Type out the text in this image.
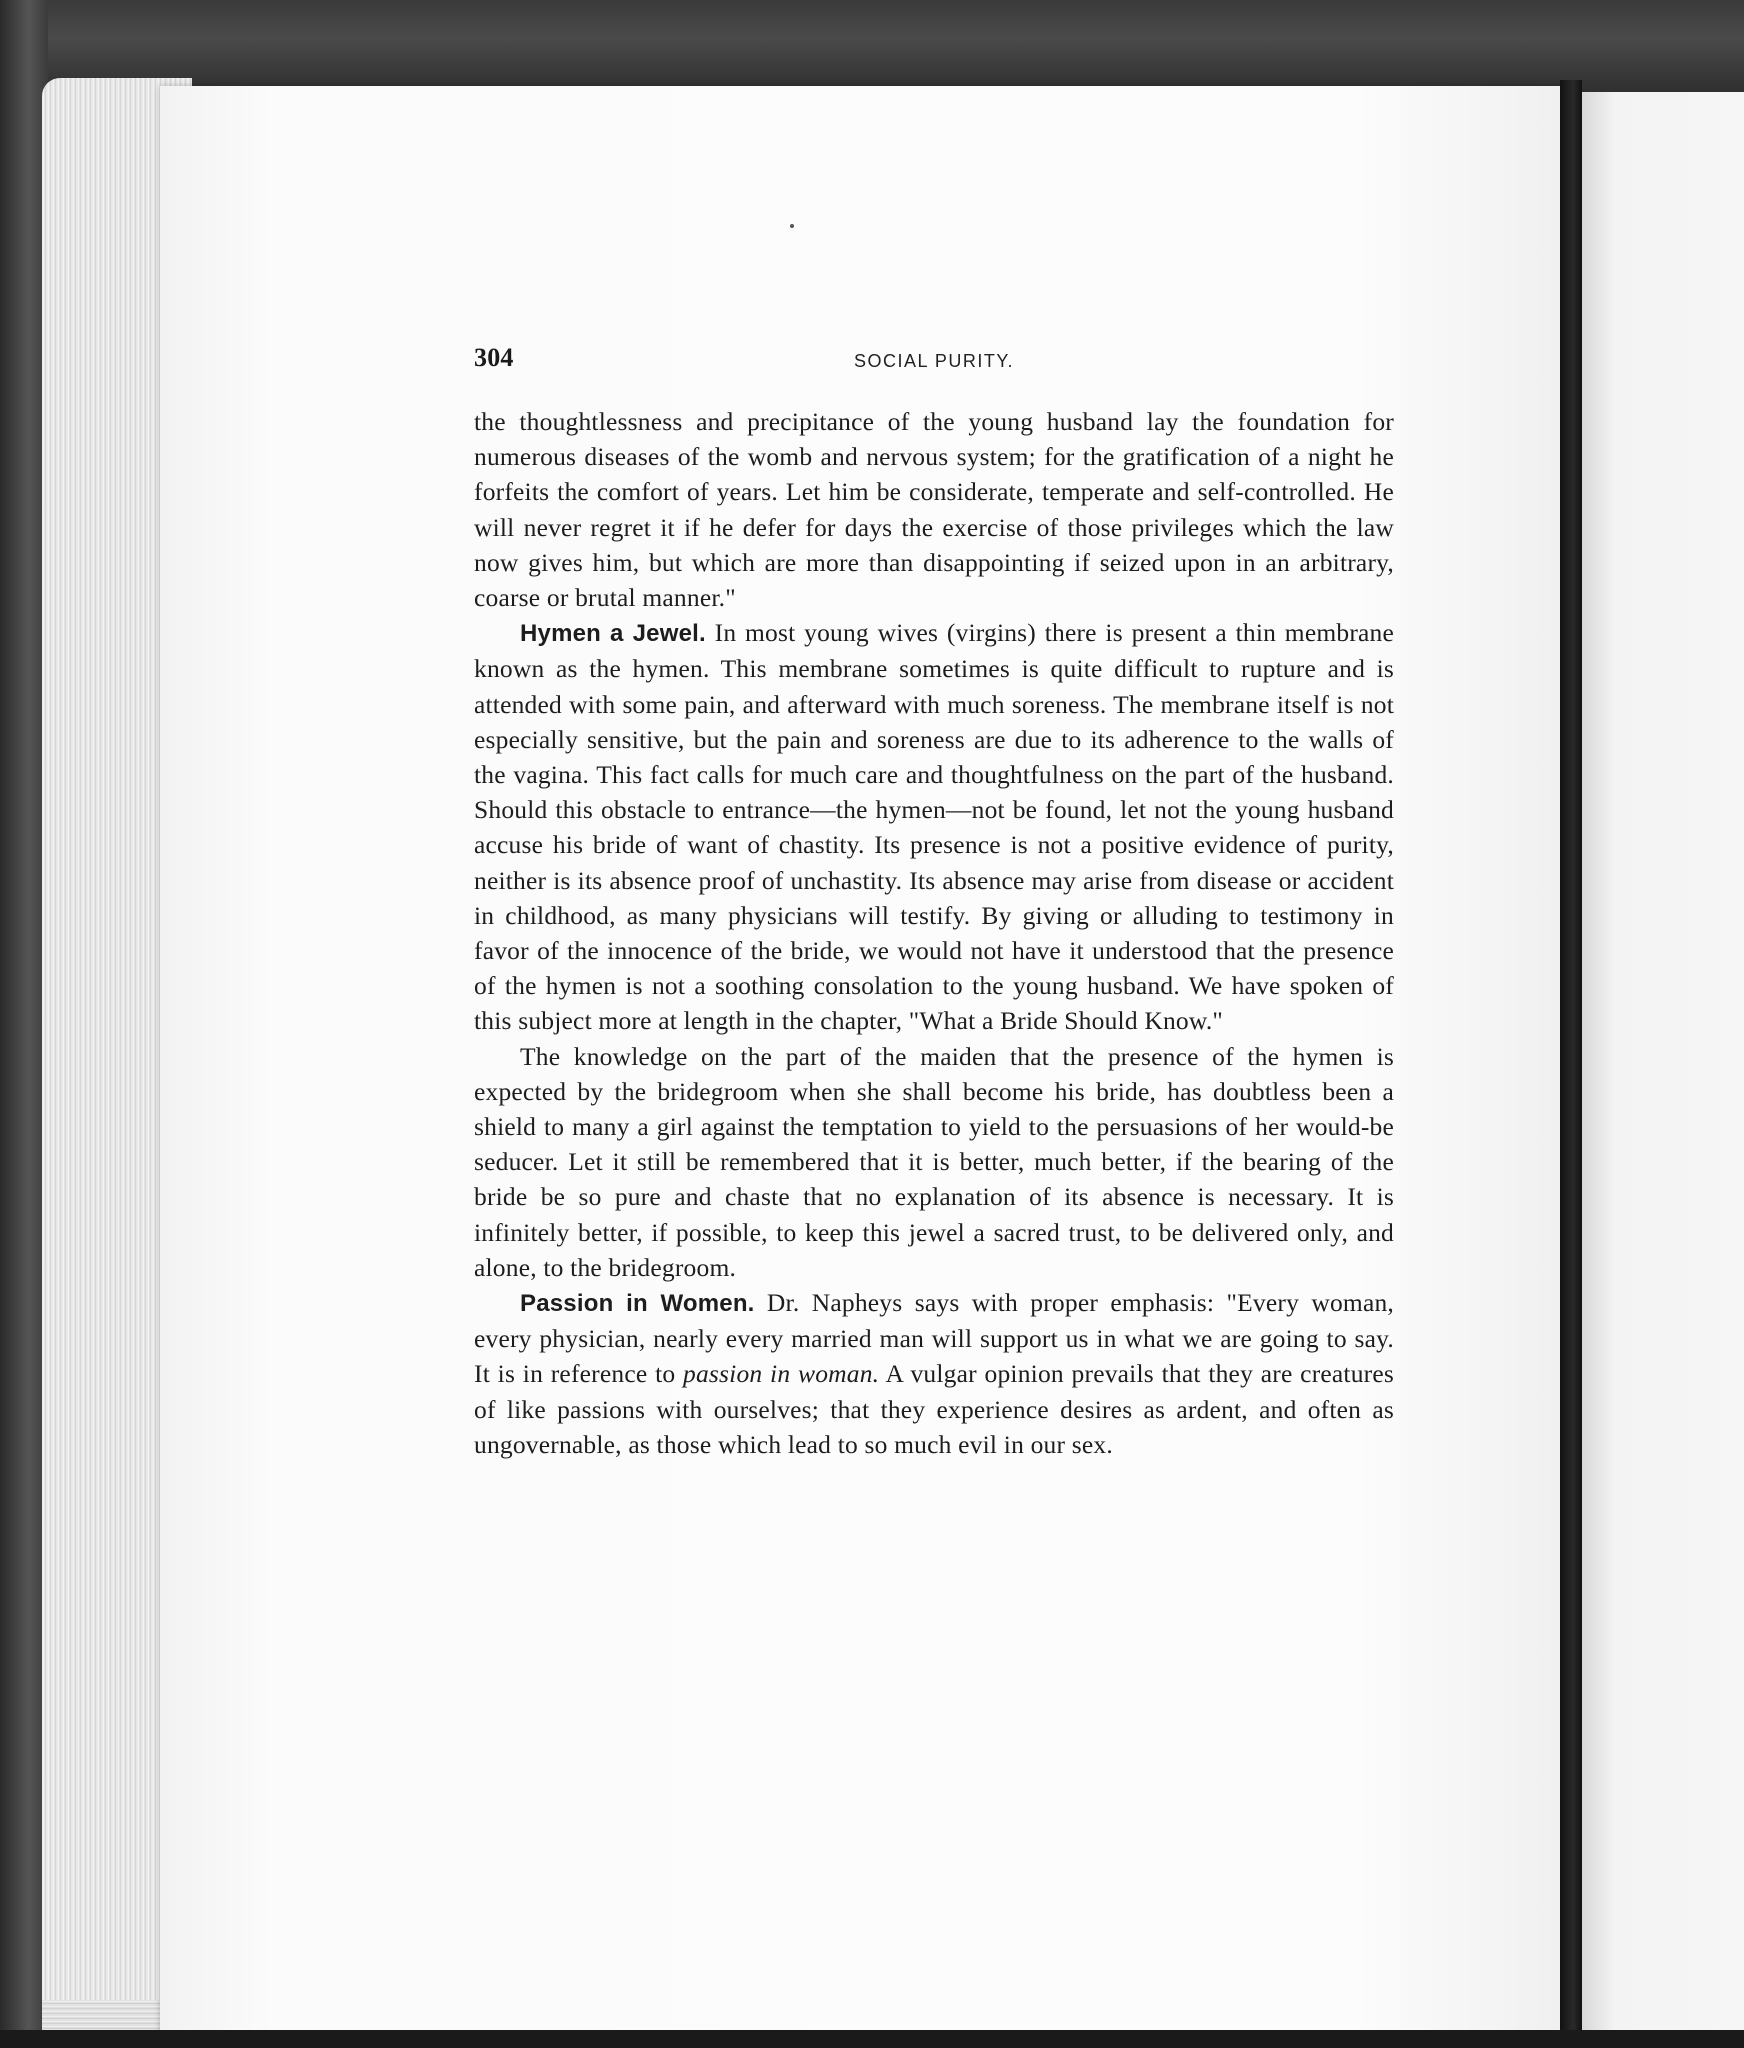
304	SOCIAL PURITY.

the thoughtlessness and precipitance of the young husband lay the foundation for numerous diseases of the womb and nervous system; for the gratification of a night he forfeits the comfort of years. Let him be considerate, temperate and self-controlled. He will never regret it if he defer for days the exercise of those privileges which the law now gives him, but which are more than disappointing if seized upon in an arbitrary, coarse or brutal manner."

Hymen a Jewel. In most young wives (virgins) there is present a thin membrane known as the hymen. This membrane sometimes is quite difficult to rupture and is attended with some pain, and afterward with much soreness. The membrane itself is not especially sensitive, but the pain and soreness are due to its adherence to the walls of the vagina. This fact calls for much care and thoughtfulness on the part of the husband. Should this obstacle to entrance—the hymen—not be found, let not the young husband accuse his bride of want of chastity. Its presence is not a positive evidence of purity, neither is its absence proof of unchastity. Its absence may arise from disease or accident in childhood, as many physicians will testify. By giving or alluding to testimony in favor of the innocence of the bride, we would not have it understood that the presence of the hymen is not a soothing consolation to the young husband. We have spoken of this subject more at length in the chapter, "What a Bride Should Know."

The knowledge on the part of the maiden that the presence of the hymen is expected by the bridegroom when she shall become his bride, has doubtless been a shield to many a girl against the temptation to yield to the persuasions of her would-be seducer. Let it still be remembered that it is better, much better, if the bearing of the bride be so pure and chaste that no explanation of its absence is necessary. It is infinitely better, if possible, to keep this jewel a sacred trust, to be delivered only, and alone, to the bridegroom.

Passion in Women. Dr. Napheys says with proper emphasis: "Every woman, every physician, nearly every married man will support us in what we are going to say. It is in reference to passion in woman. A vulgar opinion prevails that they are creatures of like passions with ourselves; that they experience desires as ardent, and often as ungovernable, as those which lead to so much evil in our sex.
